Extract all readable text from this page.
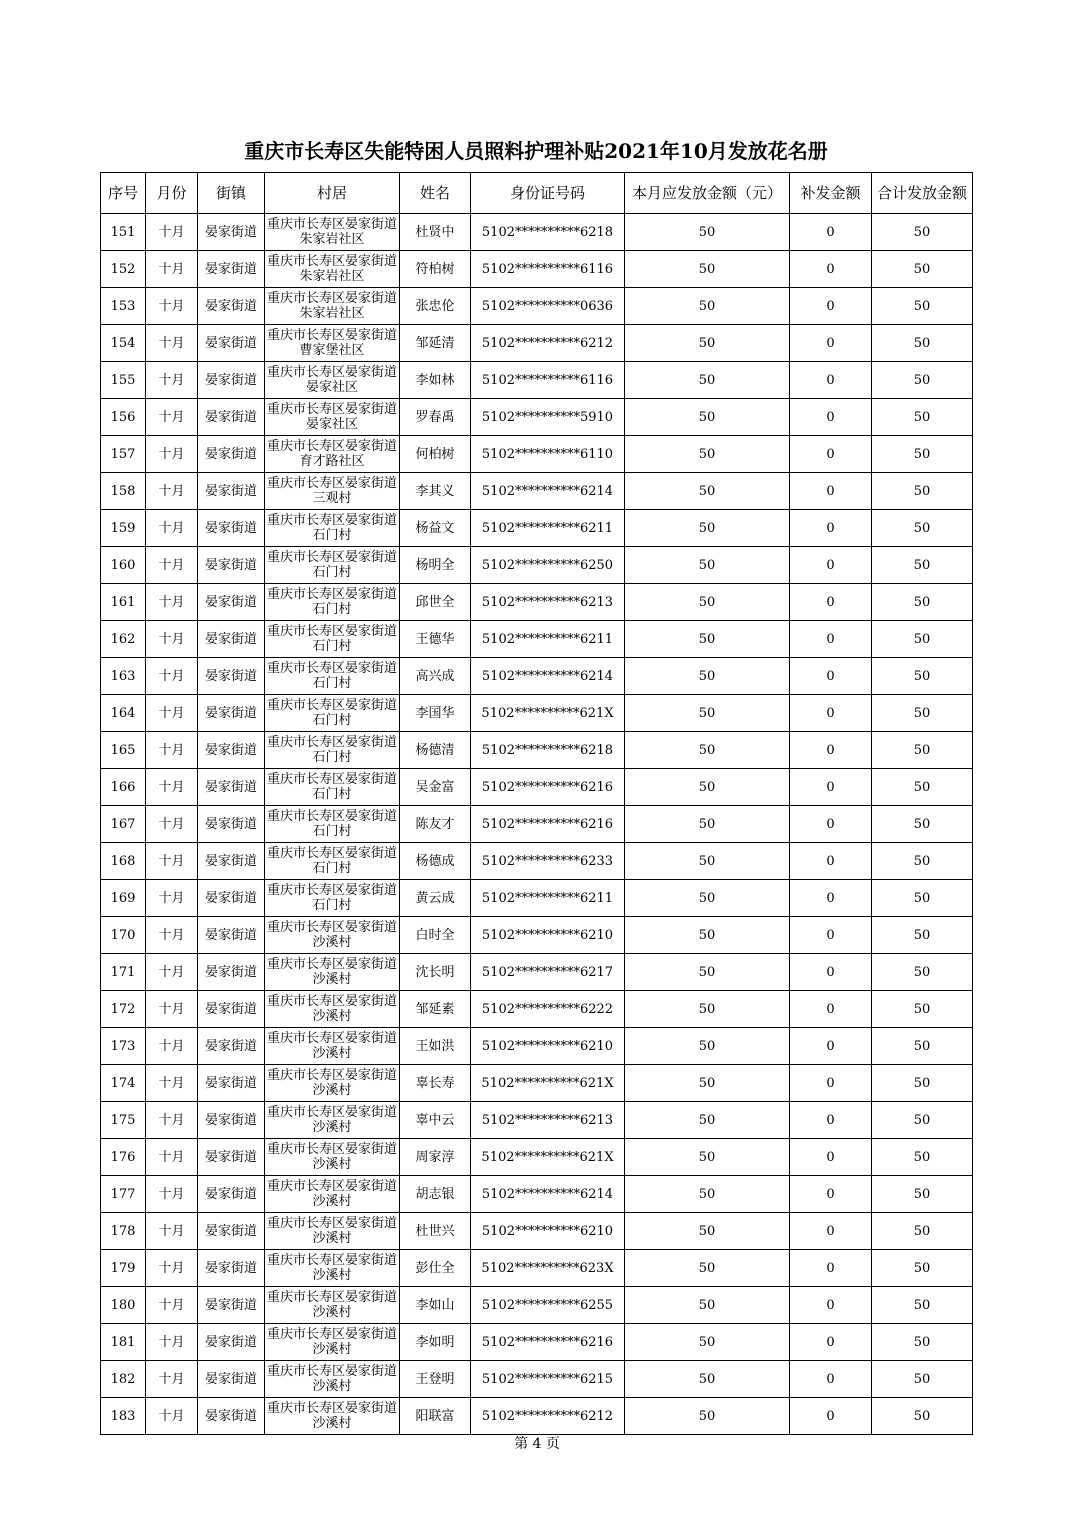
重庆市长寿区失能特困人员照料护理补贴2021年10月发放花名册
序号	月份	街镇	村居	姓名	身份证号码	本月应发放金额（元）	补发金额	合计发放金额
151	十月	晏家街道	重庆市长寿区晏家街道朱家岩社区	杜贤中	5102**********6218	50	0	50
152	十月	晏家街道	重庆市长寿区晏家街道朱家岩社区	符柏树	5102**********6116	50	0	50
153	十月	晏家街道	重庆市长寿区晏家街道朱家岩社区	张忠伦	5102**********0636	50	0	50
154	十月	晏家街道	重庆市长寿区晏家街道曹家堡社区	邹延清	5102**********6212	50	0	50
155	十月	晏家街道	重庆市长寿区晏家街道晏家社区	李如林	5102**********6116	50	0	50
156	十月	晏家街道	重庆市长寿区晏家街道晏家社区	罗春禹	5102**********5910	50	0	50
157	十月	晏家街道	重庆市长寿区晏家街道育才路社区	何柏树	5102**********6110	50	0	50
158	十月	晏家街道	重庆市长寿区晏家街道三观村	李其义	5102**********6214	50	0	50
159	十月	晏家街道	重庆市长寿区晏家街道石门村	杨益文	5102**********6211	50	0	50
160	十月	晏家街道	重庆市长寿区晏家街道石门村	杨明全	5102**********6250	50	0	50
161	十月	晏家街道	重庆市长寿区晏家街道石门村	邱世全	5102**********6213	50	0	50
162	十月	晏家街道	重庆市长寿区晏家街道石门村	王德华	5102**********6211	50	0	50
163	十月	晏家街道	重庆市长寿区晏家街道石门村	高兴成	5102**********6214	50	0	50
164	十月	晏家街道	重庆市长寿区晏家街道石门村	李国华	5102**********621X	50	0	50
165	十月	晏家街道	重庆市长寿区晏家街道石门村	杨德清	5102**********6218	50	0	50
166	十月	晏家街道	重庆市长寿区晏家街道石门村	吴金富	5102**********6216	50	0	50
167	十月	晏家街道	重庆市长寿区晏家街道石门村	陈友才	5102**********6216	50	0	50
168	十月	晏家街道	重庆市长寿区晏家街道石门村	杨德成	5102**********6233	50	0	50
169	十月	晏家街道	重庆市长寿区晏家街道石门村	黄云成	5102**********6211	50	0	50
170	十月	晏家街道	重庆市长寿区晏家街道沙溪村	白时全	5102**********6210	50	0	50
171	十月	晏家街道	重庆市长寿区晏家街道沙溪村	沈长明	5102**********6217	50	0	50
172	十月	晏家街道	重庆市长寿区晏家街道沙溪村	邹延素	5102**********6222	50	0	50
173	十月	晏家街道	重庆市长寿区晏家街道沙溪村	王如洪	5102**********6210	50	0	50
174	十月	晏家街道	重庆市长寿区晏家街道沙溪村	辜长寿	5102**********621X	50	0	50
175	十月	晏家街道	重庆市长寿区晏家街道沙溪村	辜中云	5102**********6213	50	0	50
176	十月	晏家街道	重庆市长寿区晏家街道沙溪村	周家淳	5102**********621X	50	0	50
177	十月	晏家街道	重庆市长寿区晏家街道沙溪村	胡志银	5102**********6214	50	0	50
178	十月	晏家街道	重庆市长寿区晏家街道沙溪村	杜世兴	5102**********6210	50	0	50
179	十月	晏家街道	重庆市长寿区晏家街道沙溪村	彭仕全	5102**********623X	50	0	50
180	十月	晏家街道	重庆市长寿区晏家街道沙溪村	李如山	5102**********6255	50	0	50
181	十月	晏家街道	重庆市长寿区晏家街道沙溪村	李如明	5102**********6216	50	0	50
182	十月	晏家街道	重庆市长寿区晏家街道沙溪村	王登明	5102**********6215	50	0	50
183	十月	晏家街道	重庆市长寿区晏家街道沙溪村	阳联富	5102**********6212	50	0	50
第 4 页
